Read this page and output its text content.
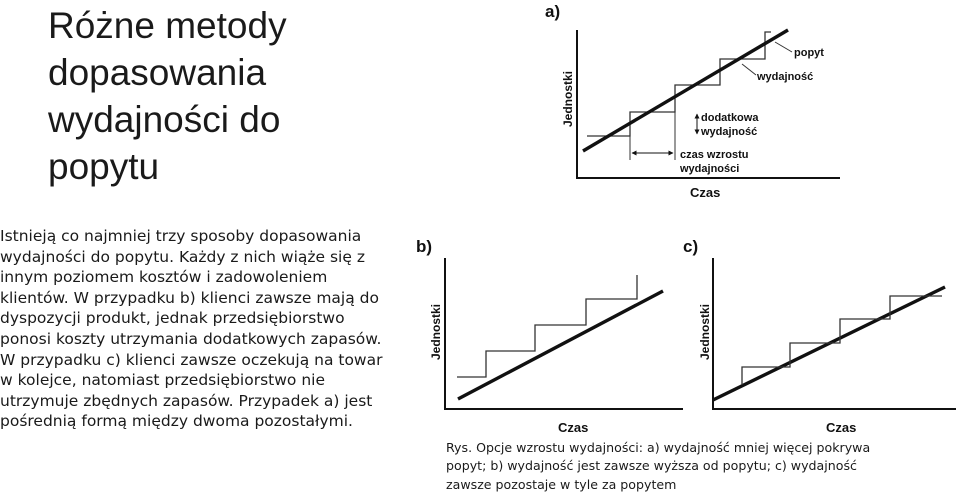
Różne metody
dopasowania
wydajności do
popytu
Istnieją co najmniej trzy sposoby dopasowania
wydajności do popytu. Każdy z nich wiąże się z
innym poziomem kosztów i zadowoleniem
klientów. W przypadku b) klienci zawsze mają do
dyspozycji produkt, jednak przedsiębiorstwo
ponosi koszty utrzymania dodatkowych zapasów.
W przypadku c) klienci zawsze oczekują na towar
w kolejce, natomiast przedsiębiorstwo nie
utrzymuje zbędnych zapasów. Przypadek a) jest
pośrednią formą między dwoma pozostałymi.
Rys. Opcje wzrostu wydajności: a) wydajność mniej więcej pokrywa
popyt; b) wydajność jest zawsze wyższa od popytu; c) wydajność
zawsze pozostaje w tyle za popytem
a)
Jednostki
Czas
popyt
wydajność
dodatkowa
wydajność
czas wzrostu
wydajności
b)
Jednostki
Czas
c)
Jednostki
Czas
